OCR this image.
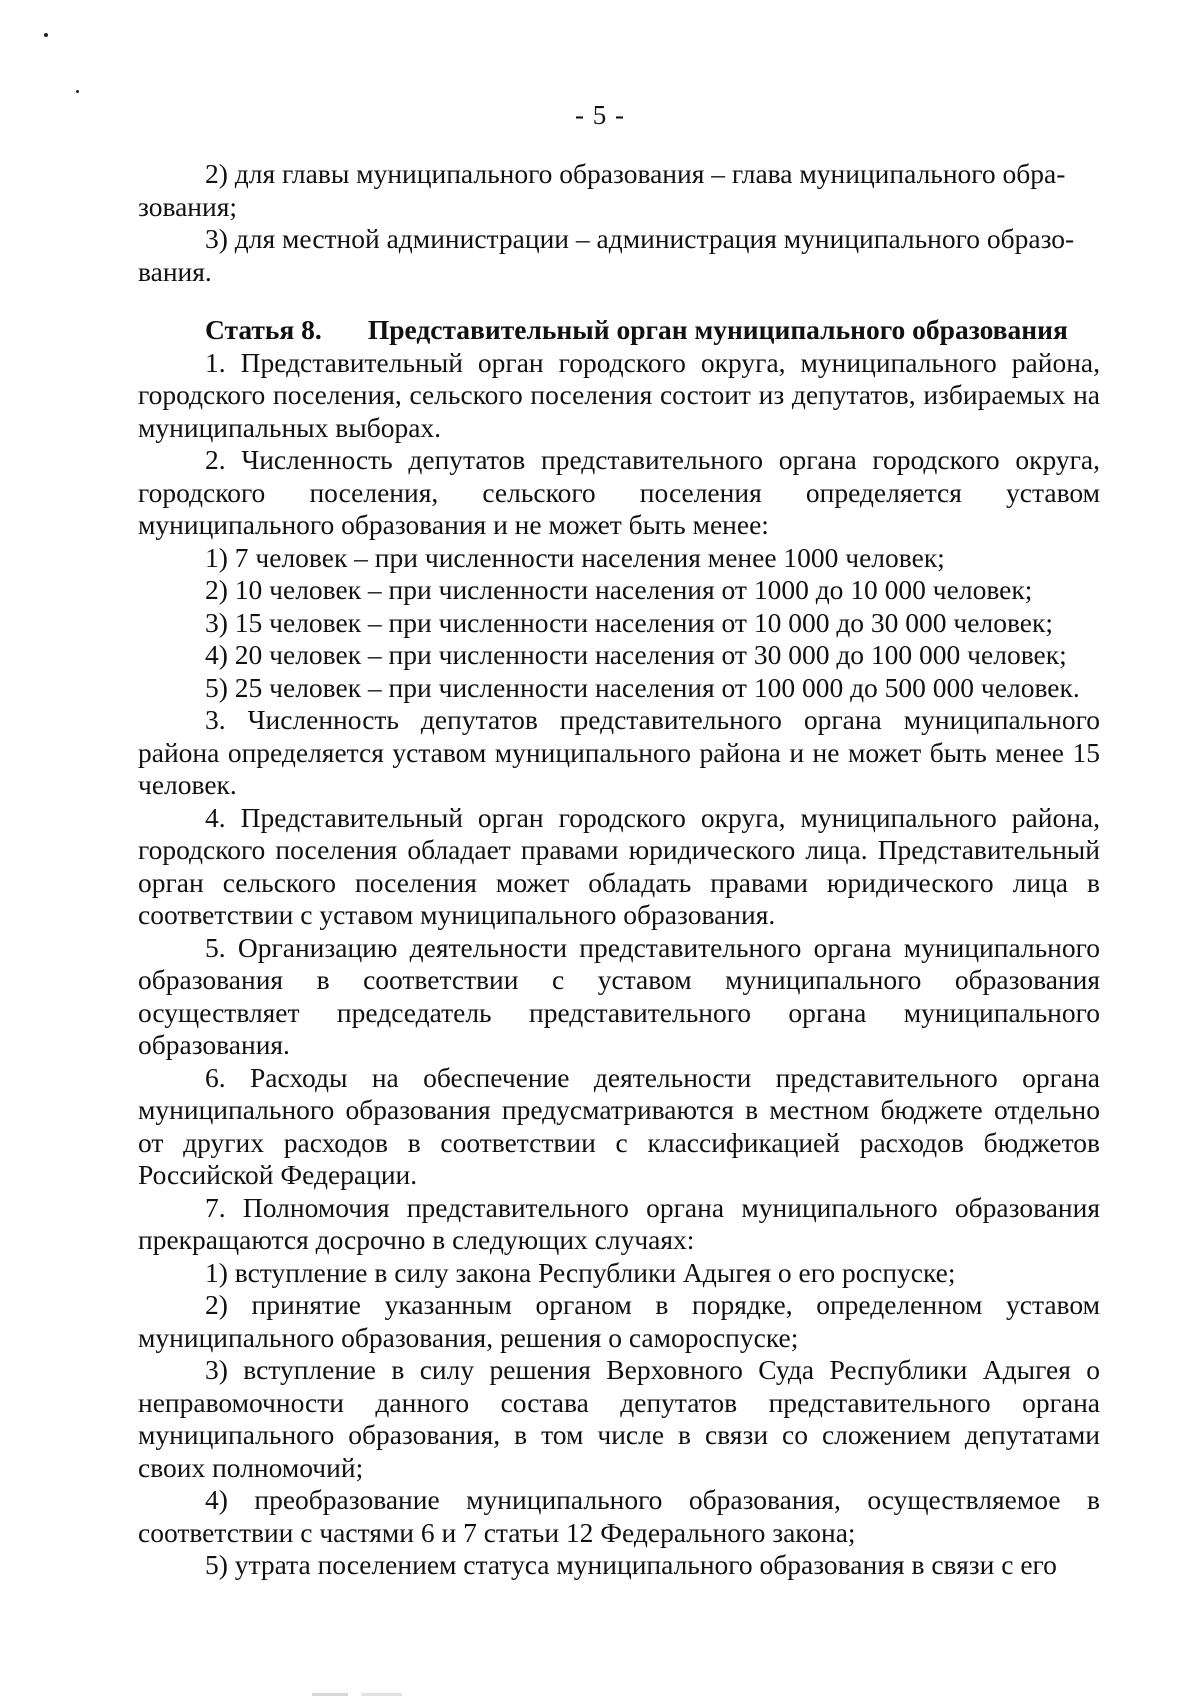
- 5 -

2) для главы муниципального образования – глава муниципального обра-
зования;

3) для местной администрации – администрация муниципального образо-
вания.

Статья 8. Представительный орган муниципального образования

1. Представительный орган городского округа, муниципального района, городского поселения, сельского поселения состоит из депутатов, избираемых на муниципальных выборах.

2. Численность депутатов представительного органа городского округа, городского поселения, сельского поселения определяется уставом муниципального образования и не может быть менее:

1) 7 человек – при численности населения менее 1000 человек;

2) 10 человек – при численности населения от 1000 до 10 000 человек;

3) 15 человек – при численности населения от 10 000 до 30 000 человек;

4) 20 человек – при численности населения от 30 000 до 100 000 человек;

5) 25 человек – при численности населения от 100 000 до 500 000 человек.

3. Численность депутатов представительного органа муниципального района определяется уставом муниципального района и не может быть менее 15 человек.

4. Представительный орган городского округа, муниципального района, городского поселения обладает правами юридического лица. Представительный орган сельского поселения может обладать правами юридического лица в соответствии с уставом муниципального образования.

5. Организацию деятельности представительного органа муниципального образования в соответствии с уставом муниципального образования осуществляет председатель представительного органа муниципального образования.

6. Расходы на обеспечение деятельности представительного органа муниципального образования предусматриваются в местном бюджете отдельно от других расходов в соответствии с классификацией расходов бюджетов Российской Федерации.

7. Полномочия представительного органа муниципального образования прекращаются досрочно в следующих случаях:

1) вступление в силу закона Республики Адыгея о его роспуске;

2) принятие указанным органом в порядке, определенном уставом муниципального образования, решения о самороспуске;

3) вступление в силу решения Верховного Суда Республики Адыгея о неправомочности данного состава депутатов представительного органа муниципального образования, в том числе в связи со сложением депутатами своих полномочий;

4) преобразование муниципального образования, осуществляемое в соответствии с частями 6 и 7 статьи 12 Федерального закона;

5) утрата поселением статуса муниципального образования в связи с его
